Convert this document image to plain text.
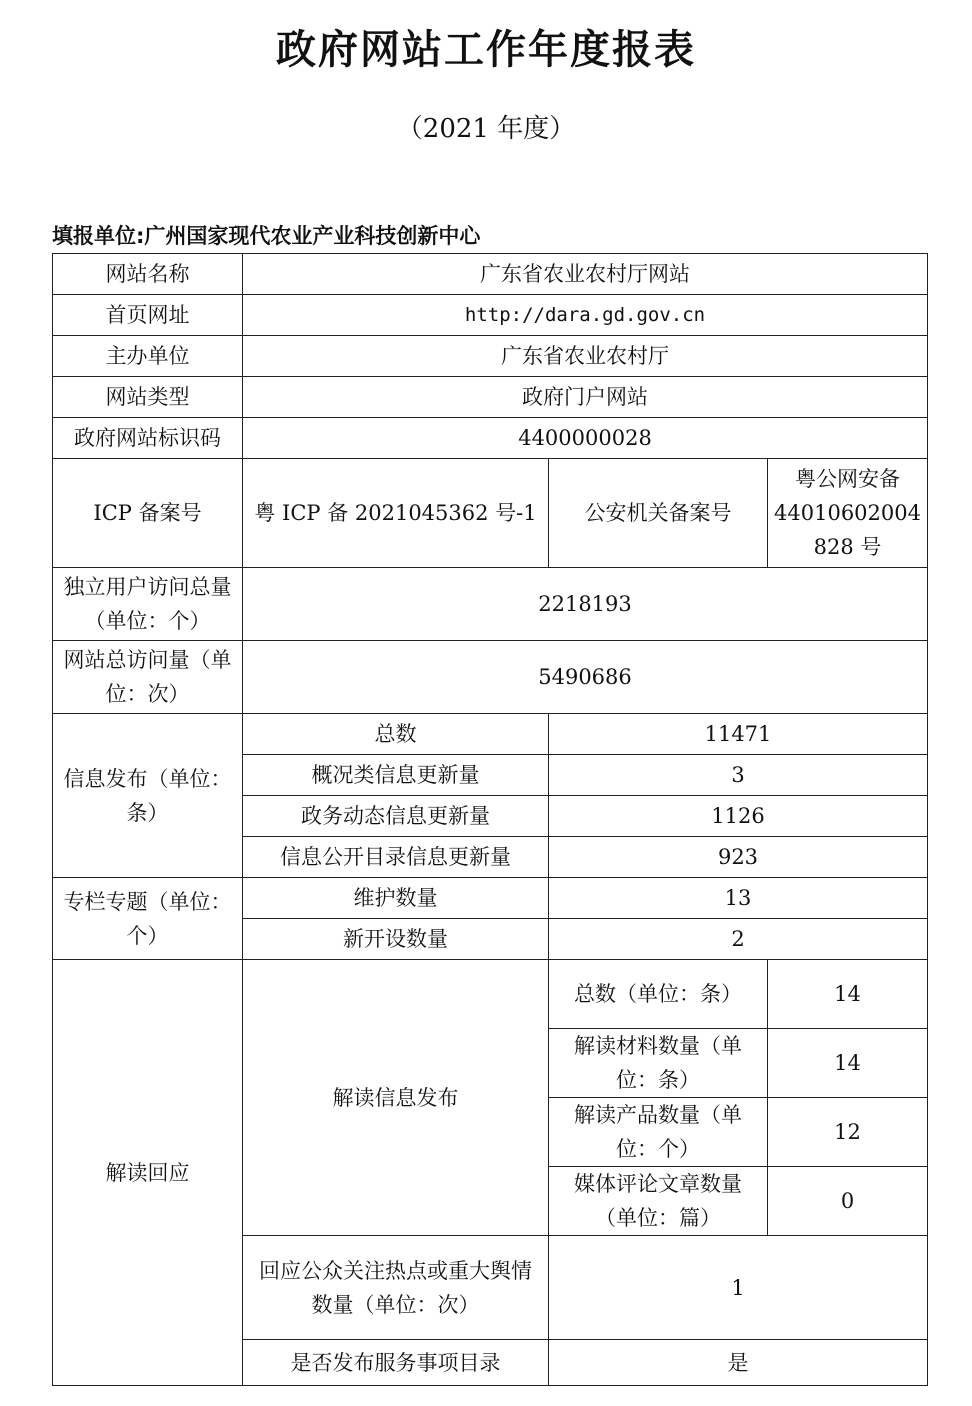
政府网站工作年度报表
（2021 年度）
填报单位:广州国家现代农业产业科技创新中心
网站名称	广东省农业农村厅网站		
首页网址	http://dara.gd.gov.cn		
主办单位	广东省农业农村厅		
网站类型	政府门户网站		
政府网站标识码	4400000028		
ICP 备案号	粤 ICP 备 2021045362 号-1	公安机关备案号	粤公网安备 44010602004 828 号
独立用户访问总量（单位：个）	2218193		
网站总访问量（单位：次）	5490686		
信息发布（单位：条）	总数	11471	
	概况类信息更新量	3	
	政务动态信息更新量	1126	
	信息公开目录信息更新量	923	
专栏专题（单位：个）	维护数量	13	
	新开设数量	2	
解读回应	解读信息发布	总数（单位：条）	14
		解读材料数量（单位：条）	14
		解读产品数量（单位：个）	12
		媒体评论文章数量（单位：篇）	0
	回应公众关注热点或重大舆情数量（单位：次）	1	
	是否发布服务事项目录	是	
